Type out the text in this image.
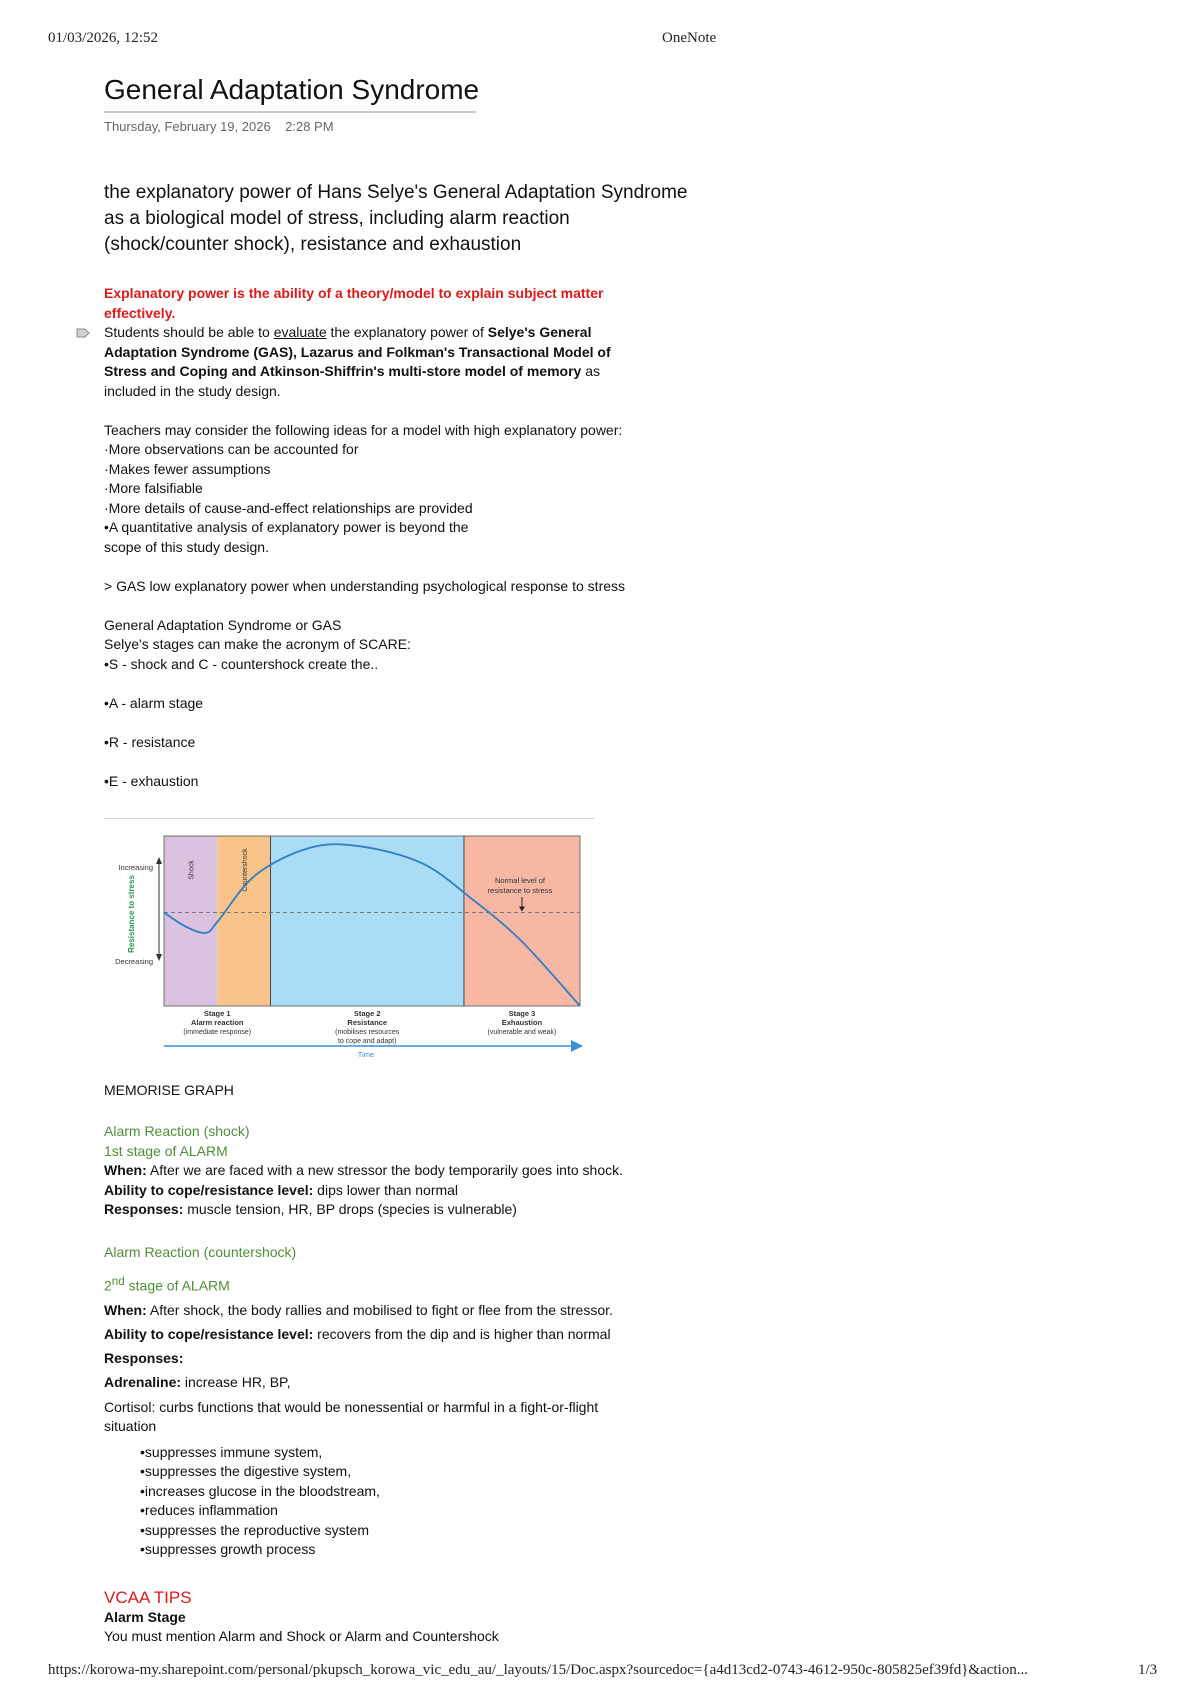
01/03/2026, 12:52	OneNote
General Adaptation Syndrome
Thursday, February 19, 2026 2:28 PM

the explanatory power of Hans Selye's General Adaptation Syndrome

as a biological model of stress, including alarm reaction

(shock/counter shock), resistance and exhaustion

Explanatory power is the ability of a theory/model to explain subject matter

effectively.

Students should be able to evaluate the explanatory power of Selye's General

Adaptation Syndrome (GAS), Lazarus and Folkman's Transactional Model of

Stress and Coping and Atkinson-Shiffrin's multi-store model of memory as

included in the study design.

Teachers may consider the following ideas for a model with high explanatory power:

·More observations can be accounted for

·Makes fewer assumptions

·More falsifiable

·More details of cause-and-effect relationships are provided

•A quantitative analysis of explanatory power is beyond the

scope of this study design.

> GAS low explanatory power when understanding psychological response to stress

General Adaptation Syndrome or GAS

Selye's stages can make the acronym of SCARE:

•S - shock and C - countershock create the..

•A - alarm stage

•R - resistance

•E - exhaustion

Shock	Countershock
Increasing
Decreasing
Resistance to stress	Normal level of
resistance to stress
Stage 1
Alarm reaction
(immediate response)
Stage 2
Resistance
(mobilises resources
to cope and adapt)
Stage 3
Exhaustion
(vulnerable and weak)
Time
MEMORISE GRAPH

Alarm Reaction (shock)

1st stage of ALARM

When: After we are faced with a new stressor the body temporarily goes into shock.

Ability to cope/resistance level: dips lower than normal

Responses: muscle tension, HR, BP drops (species is vulnerable)

Alarm Reaction (countershock)

2nd stage of ALARM

When: After shock, the body rallies and mobilised to fight or flee from the stressor.

Ability to cope/resistance level: recovers from the dip and is higher than normal

Responses:

Adrenaline: increase HR, BP,

Cortisol: curbs functions that would be nonessential or harmful in a fight-or-flight

situation

•suppresses immune system,

•suppresses the digestive system,

•increases glucose in the bloodstream,

•reduces inflammation

•suppresses the reproductive system

•suppresses growth process

VCAA TIPS

Alarm Stage

You must mention Alarm and Shock or Alarm and Countershock

https://korowa-my.sharepoint.com/personal/pkupsch_korowa_vic_edu_au/_layouts/15/Doc.aspx?sourcedoc={a4d13cd2-0743-4612-950c-805825ef39fd}&action...	1/3
